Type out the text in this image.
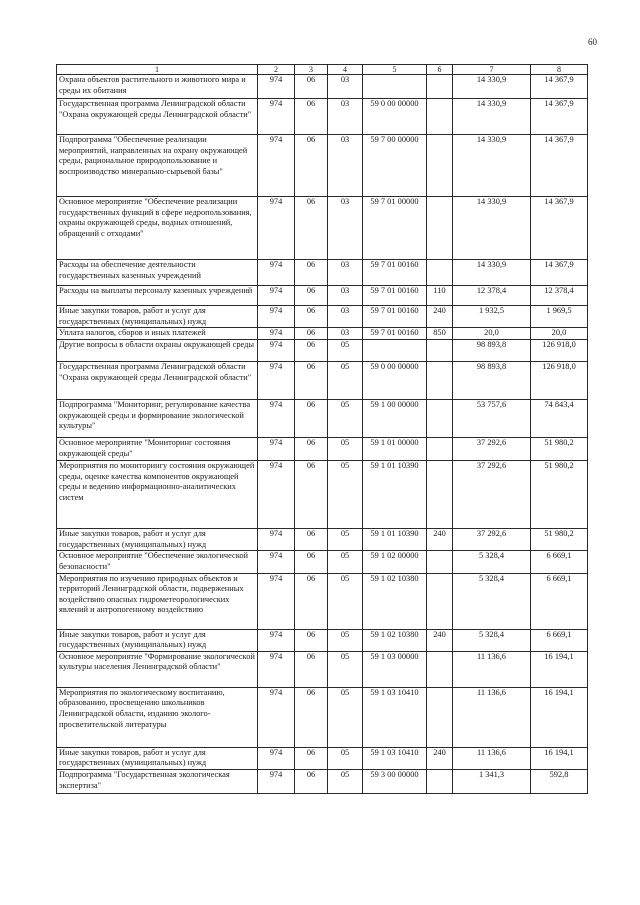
60
1	2	3	4	5	6	7	8
Охрана объектов растительного и животного мира и среды их обитания	974	06	03			14 330,9	14 367,9
Государственная программа Ленинградской области "Охрана окружающей среды Ленинградской области"	974	06	03	59 0 00 00000		14 330,9	14 367,9
Подпрограмма "Обеспечение реализации мероприятий, направленных на охрану окружающей среды, рациональное природопользование и воспроизводство минерально-сырьевой базы"	974	06	03	59 7 00 00000		14 330,9	14 367,9
Основное мероприятие "Обеспечение реализации государственных функций в сфере недропользования, охраны окружающей среды, водных отношений, обращений с отходами"	974	06	03	59 7 01 00000		14 330,9	14 367,9
Расходы на обеспечение деятельности государственных казенных учреждений	974	06	03	59 7 01 00160		14 330,9	14 367,9
Расходы на выплаты персоналу казенных учреждений	974	06	03	59 7 01 00160	110	12 378,4	12 378,4
Иные закупки товаров, работ и услуг для государственных (муниципальных) нужд	974	06	03	59 7 01 00160	240	1 932,5	1 969,5
Уплата налогов, сборов и иных платежей	974	06	03	59 7 01 00160	850	20,0	20,0
Другие вопросы в области охраны окружающей среды	974	06	05			98 893,8	126 918,0
Государственная программа Ленинградской области "Охрана окружающей среды Ленинградской области"	974	06	05	59 0 00 00000		98 893,8	126 918,0
Подпрограмма "Мониторинг, регулирование качества окружающей среды и формирование экологической культуры"	974	06	05	59 1 00 00000		53 757,6	74 843,4
Основное мероприятие "Мониторинг состояния окружающей среды"	974	06	05	59 1 01 00000		37 292,6	51 980,2
Мероприятия по мониторингу состояния окружающей среды, оценке качества компонентов окружающей среды и ведению информационно-аналитических систем	974	06	05	59 1 01 10390		37 292,6	51 980,2
Иные закупки товаров, работ и услуг для государственных (муниципальных) нужд	974	06	05	59 1 01 10390	240	37 292,6	51 980,2
Основное мероприятие "Обеспечение экологической безопасности"	974	06	05	59 1 02 00000		5 328,4	6 669,1
Мероприятия по изучению природных объектов и территорий Ленинградской области, подверженных воздействию опасных гидрометеорологических явлений и антропогенному воздействию	974	06	05	59 1 02 10380		5 328,4	6 669,1
Иные закупки товаров, работ и услуг для государственных (муниципальных) нужд	974	06	05	59 1 02 10380	240	5 328,4	6 669,1
Основное мероприятие "Формирование экологической культуры населения Ленинградской области"	974	06	05	59 1 03 00000		11 136,6	16 194,1
Мероприятия по экологическому воспитанию, образованию, просвещению школьников Ленинградской области, изданию эколого-просветительской литературы	974	06	05	59 1 03 10410		11 136,6	16 194,1
Иные закупки товаров, работ и услуг для государственных (муниципальных) нужд	974	06	05	59 1 03 10410	240	11 136,6	16 194,1
Подпрограмма "Государственная экологическая экспертиза"	974	06	05	59 3 00 00000		1 341,3	592,8
